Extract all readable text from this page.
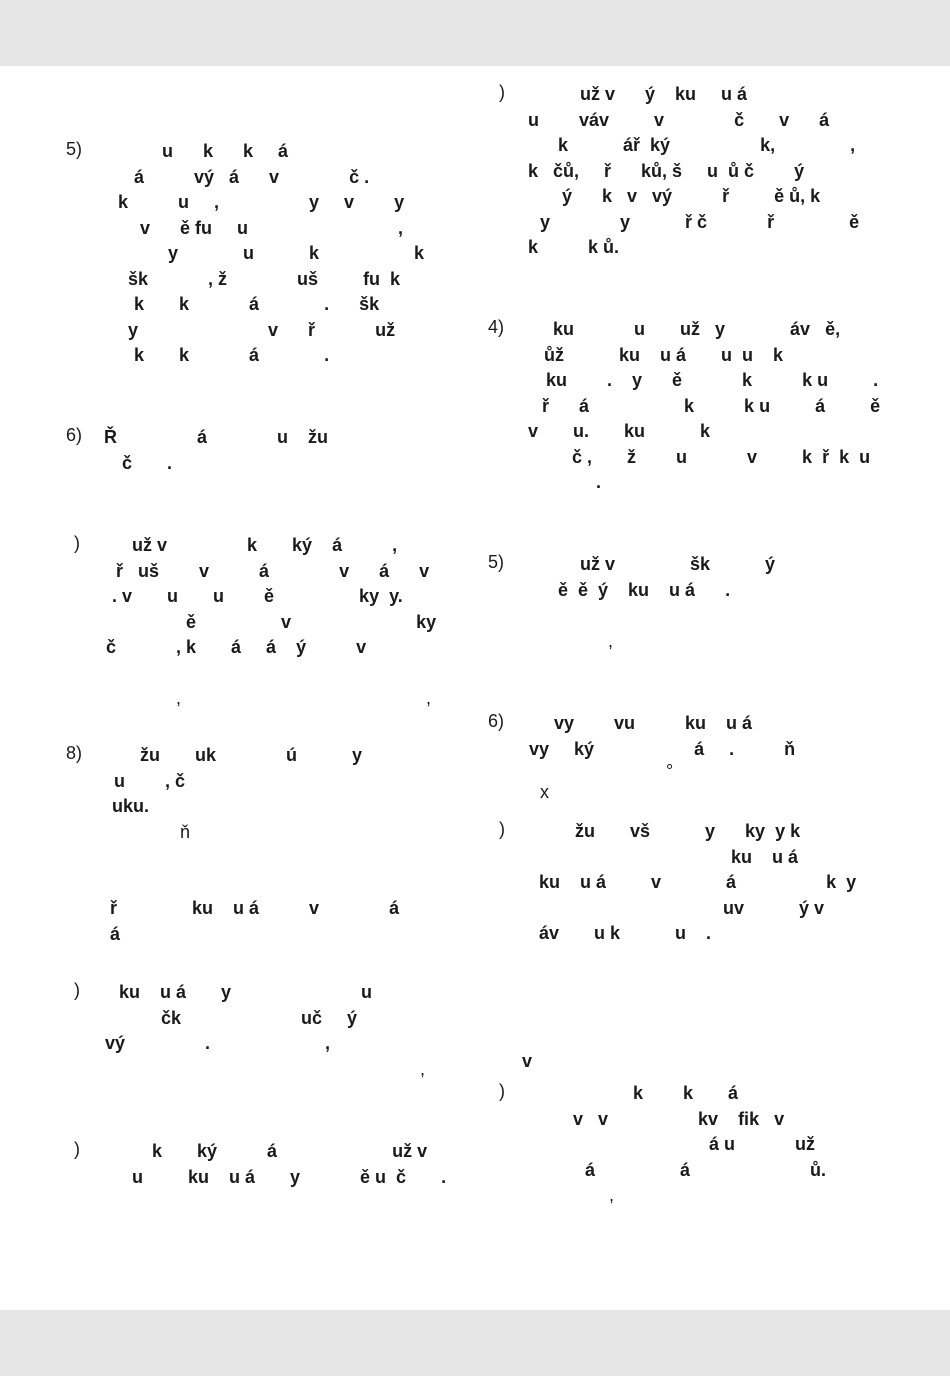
5)	u      k      k     á
á          vý   á      v              č .
k          u     ,                  y     v        y
v      ě fu     u                              ,
y             u           k                   k
šk            , ž              uš         fu  k
k       k            á             .      šk
y                          v      ř            už
k       k            á             .
6) Ř                á              u    žu
č       .
)	už v                k       ký    á          ,
ř   uš        v          á              v      á      v
. v       u       u        ě                 ky  y.
ě                 v                         ky
č            , k       á     á    ý          v
,                                                 ,
8)	žu       uk              ú           y
u        , č
uku.
ň
ř               ku    u á          v              á
á
) ku    u á       y                          u
čk                        uč     ý
vý                .                       ,
,
)	k       ký          á                       už v
u         ku    u á       y            ě u  č       .
)	už v      ý    ku     u á
u        váv         v              č       v      á
k           ář  ký                  k,               ,
k   čů,     ř      ků, š     u  ů č        ý
ý      k   v   vý          ř         ě ů, k
y              y           ř č            ř               ě
k          k ů.
4)	ku            u       už   y             áv   ě,
ůž           ku    u á       u  u    k
ku        .    y      ě            k          k u         .
ř      á                   k          k u         á         ě
v       u.       ku           k
č ,       ž        u            v         k  ř  k  u
.
5)	už v               šk           ý
ě  ě  ý    ku    u á      .
,
6)	vy        vu          ku    u á
vy     ký                    á     .          ň
°
x
)	žu       vš           y      ky  y k
ku    u á
ku    u á         v             á                  k  y
uv           ý v
áv       u k           u    .
v
)	k        k       á
v   v                  kv    fik   v
á u            už
á                 á                        ů.
,
